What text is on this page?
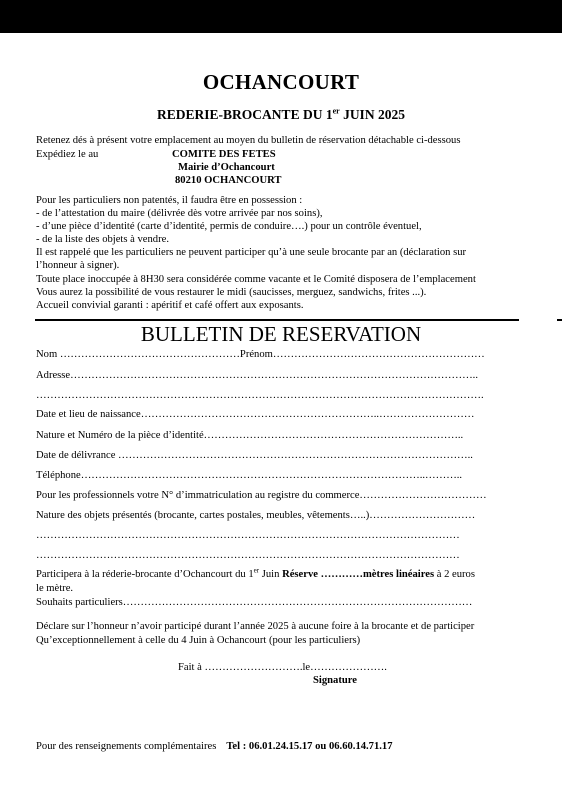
OCHANCOURT
REDERIE-BROCANTE DU 1er JUIN 2025
Retenez dés à présent votre emplacement au moyen du bulletin de réservation détachable ci-dessous
Expédiez le au	COMITE DES FETES
Mairie d’Ochancourt
80210 OCHANCOURT
Pour les particuliers non patentés, il faudra être en possession :
- de l’attestation du maire (délivrée dès votre arrivée par nos soins),
- d’une pièce d’identité (carte d’identité, permis de conduire….) pour un contrôle éventuel,
- de la liste des objets à vendre.
Il est rappelé que les particuliers ne peuvent participer qu’à une seule brocante par an (déclaration sur
l’honneur à signer).
Toute place inoccupée à 8H30 sera considérée comme vacante et le Comité disposera de l’emplacement
Vous aurez la possibilité de vous restaurer le midi (saucisses, merguez, sandwichs, frites ...).
Accueil convivial garanti : apéritif et café offert aux exposants.
BULLETIN DE RESERVATION
Nom ……………………………………………Prénom……………………………………………………
Adresse……………………………………………………………………………………………………..
……………………………………………………………………………………………………………….
Date et lieu de naissance…………………………………………………………..………………………
Nature et Numéro de la pièce d’identité………………………………………………………………..
Date de délivrance ………………………………………………………………………………………..
Téléphone……………………………………………………………………………………..………..
Pour les professionnels votre N° d’immatriculation au registre du commerce………………………………
Nature des objets présentés (brocante, cartes postales, meubles, vêtements…..)…………………………
…………………………………………………………………………………………………………
…………………………………………………………………………………………………………
Participera à la réderie-brocante d’Ochancourt du 1er Juin Réserve …………mètres linéaires à 2 euros
le mètre.
Souhaits particuliers………………………………………………………………………………………
Déclare sur l’honneur n’avoir participé durant l’année 2025 à aucune foire à la brocante et de participer
Qu’exceptionnellement à celle du 4 Juin à Ochancourt (pour les particuliers)
Fait à ……………………….le………………….
Signature
Pour des renseignements complémentaires Tel : 06.01.24.15.17 ou 06.60.14.71.17
